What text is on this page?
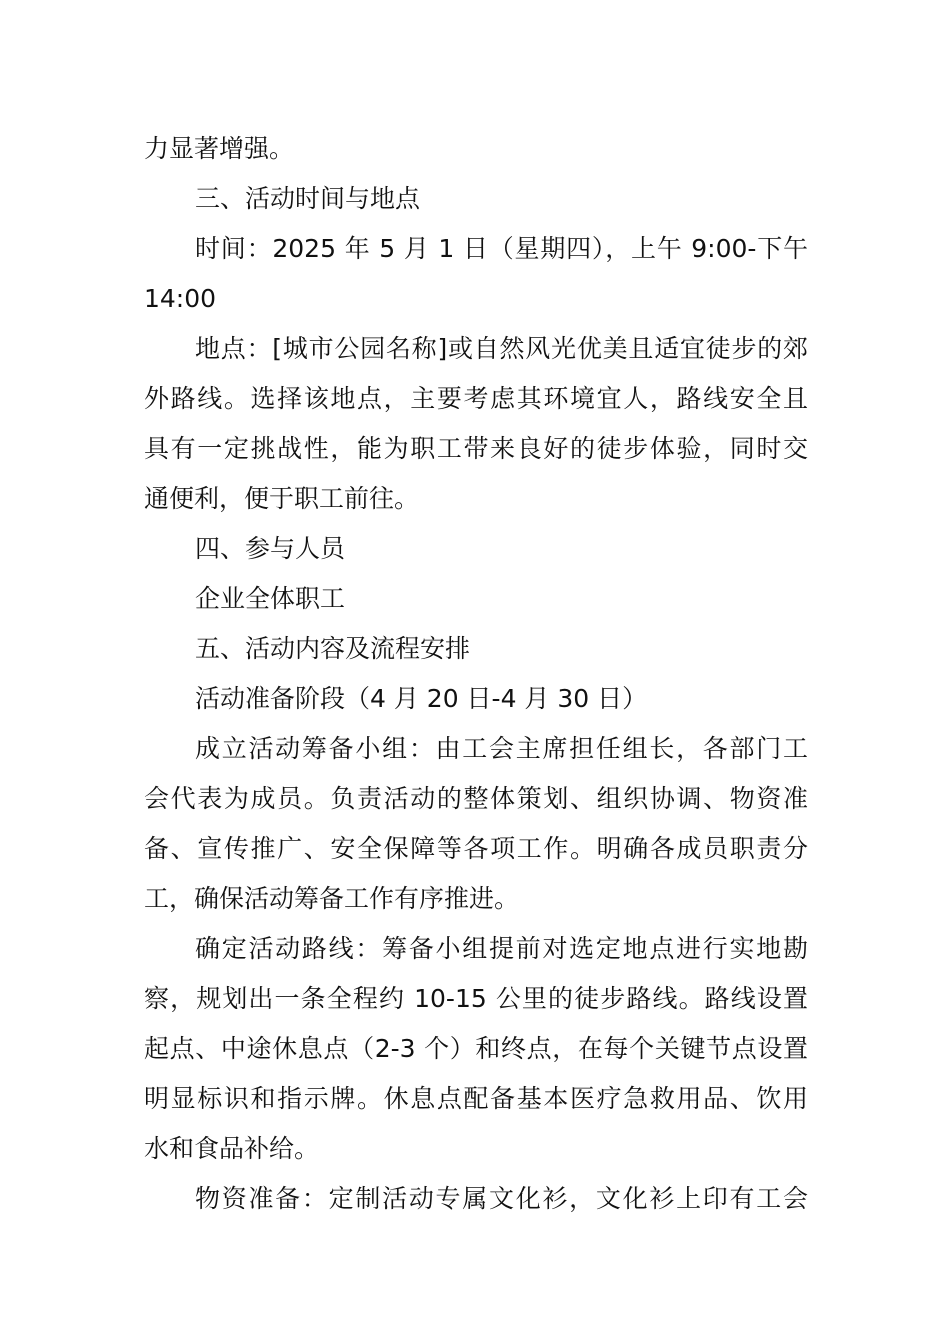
力显著增强。
三、活动时间与地点
时间：2025 年 5 月 1 日（星期四），上午 9:00-下午
14:00
地点：[城市公园名称]或自然风光优美且适宜徒步的郊
外路线。选择该地点，主要考虑其环境宜人，路线安全且
具有一定挑战性，能为职工带来良好的徒步体验，同时交
通便利，便于职工前往。
四、参与人员
企业全体职工
五、活动内容及流程安排
活动准备阶段（4 月 20 日-4 月 30 日）
成立活动筹备小组：由工会主席担任组长，各部门工
会代表为成员。负责活动的整体策划、组织协调、物资准
备、宣传推广、安全保障等各项工作。明确各成员职责分
工，确保活动筹备工作有序推进。
确定活动路线：筹备小组提前对选定地点进行实地勘
察，规划出一条全程约 10-15 公里的徒步路线。路线设置
起点、中途休息点（2-3 个）和终点，在每个关键节点设置
明显标识和指示牌。休息点配备基本医疗急救用品、饮用
水和食品补给。
物资准备：定制活动专属文化衫，文化衫上印有工会
